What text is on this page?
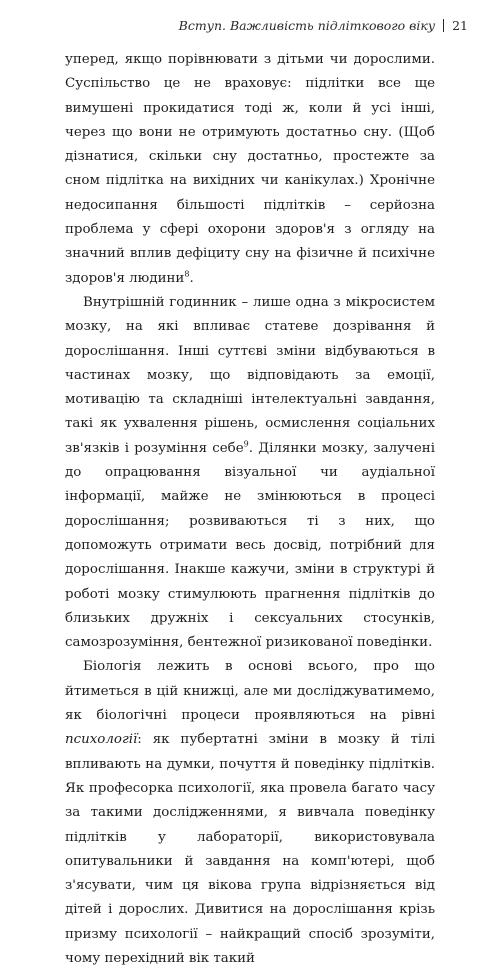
Вступ. Важливість підліткового віку 21

уперед, якщо порівнювати з дітьми чи дорослими. Суспільство це не враховує: підлітки все ще вимушені прокидатися тоді ж, коли й усі інші, через що вони не отримують достатньо сну. (Щоб дізнатися, скільки сну достатньо, простежте за сном підлітка на вихідних чи канікулах.) Хронічне недосипання більшості підлітків – серйозна проблема у сфері охорони здоров'я з огляду на значний вплив дефіциту сну на фізичне й психічне здоров'я людини$^8$.

Внутрішній годинник – лише одна з мікросистем мозку, на які впливає статеве дозрівання й дорослішання. Інші суттєві зміни відбуваються в частинах мозку, що відповідають за емоції, мотивацію та складніші інтелектуальні завдання, такі як ухвалення рішень, осмислення соціальних зв'язків і розуміння себе$^9$. Ділянки мозку, залучені до опрацювання візуальної чи аудіальної інформації, майже не змінюються в процесі дорослішання; розвиваються ті з них, що допоможуть отримати весь досвід, потрібний для дорослішання. Інакше кажучи, зміни в структурі й роботі мозку стимулюють прагнення підлітків до близьких дружніх і сексуальних стосунків, самозрозуміння, бентежної ризикованої поведінки.

Біологія лежить в основі всього, про що йтиметься в цій книжці, але ми досліджуватимемо, як біологічні процеси проявляються на рівні психології: як пубертатні зміни в мозку й тілі впливають на думки, почуття й поведінку підлітків. Як професорка психології, яка провела багато часу за такими дослідженнями, я вивчала поведінку підлітків у лабораторії, використовувала опитувальники й завдання на комп'ютері, щоб з'ясувати, чим ця вікова група відрізняється від дітей і дорослих. Дивитися на дорослішання крізь призму психології – найкращий спосіб зрозуміти, чому перехідний вік такий
